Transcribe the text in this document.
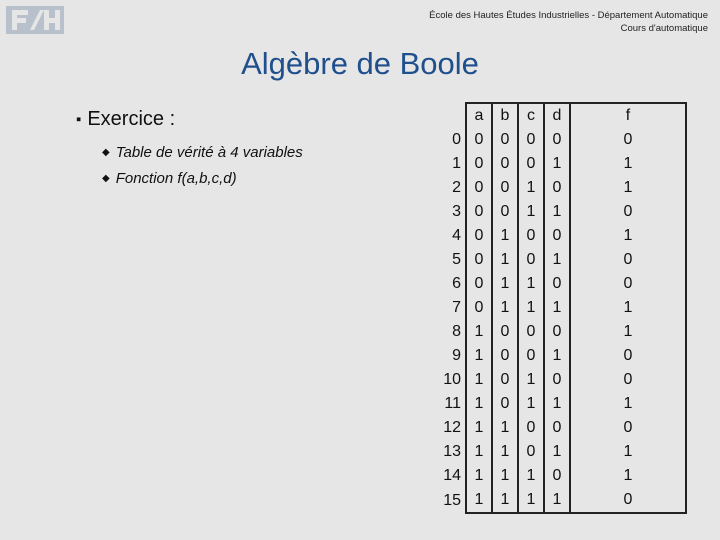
École des Hautes Études Industrielles - Département Automatique
Cours d'automatique
Algèbre de Boole
▪ Exercice :
◆ Table de vérité à 4 variables
◆ Fonction f(a,b,c,d)
	a	b	c	d	f
0	0	0	0	0	0
1	0	0	0	1	1
2	0	0	1	0	1
3	0	0	1	1	0
4	0	1	0	0	1
5	0	1	0	1	0
6	0	1	1	0	0
7	0	1	1	1	1
8	1	0	0	0	1
9	1	0	0	1	0
10	1	0	1	0	0
11	1	0	1	1	1
12	1	1	0	0	0
13	1	1	0	1	1
14	1	1	1	0	1
15	1	1	1	1	0
